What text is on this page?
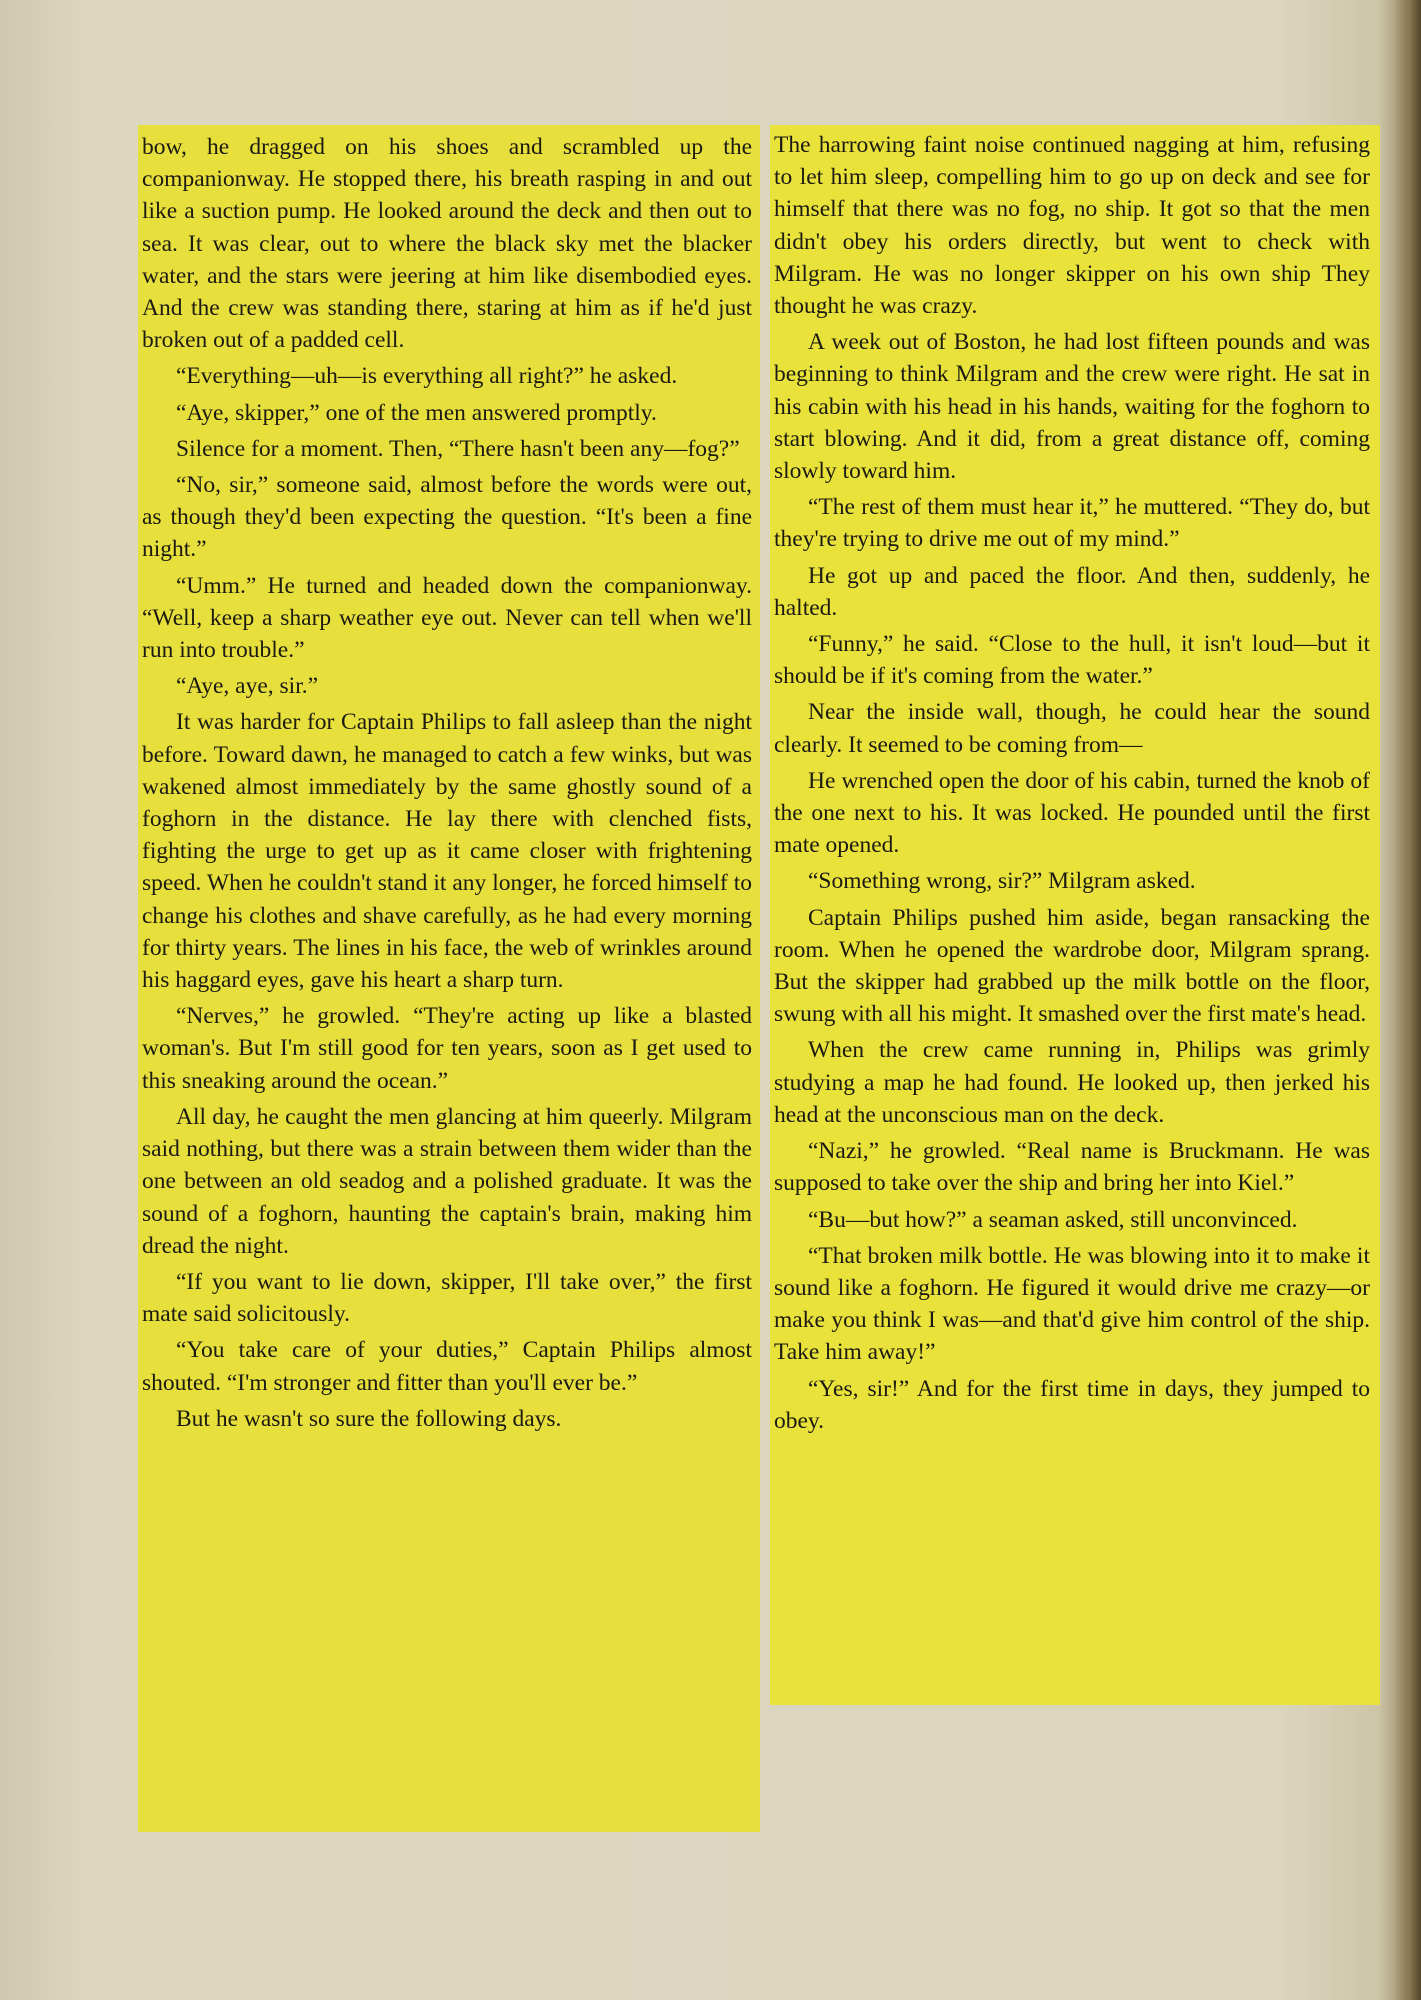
bow, he dragged on his shoes and scrambled up the companionway. He stopped there, his breath rasping in and out like a suction pump. He looked around the deck and then out to sea. It was clear, out to where the black sky met the blacker water, and the stars were jeering at him like disembodied eyes. And the crew was standing there, staring at him as if he'd just broken out of a padded cell.

“Everything—uh—is everything all right?” he asked.

“Aye, skipper,” one of the men answered promptly.

Silence for a moment. Then, “There hasn't been any—fog?”

“No, sir,” someone said, almost before the words were out, as though they'd been expecting the question. “It's been a fine night.”

“Umm.” He turned and headed down the companionway. “Well, keep a sharp weather eye out. Never can tell when we'll run into trouble.”

“Aye, aye, sir.”

It was harder for Captain Philips to fall asleep than the night before. Toward dawn, he managed to catch a few winks, but was wakened almost immediately by the same ghostly sound of a foghorn in the distance. He lay there with clenched fists, fighting the urge to get up as it came closer with frightening speed. When he couldn't stand it any longer, he forced himself to change his clothes and shave carefully, as he had every morning for thirty years. The lines in his face, the web of wrinkles around his haggard eyes, gave his heart a sharp turn.

“Nerves,” he growled. “They're acting up like a blasted woman's. But I'm still good for ten years, soon as I get used to this sneaking around the ocean.”

All day, he caught the men glancing at him queerly. Milgram said nothing, but there was a strain between them wider than the one between an old seadog and a polished graduate. It was the sound of a foghorn, haunting the captain's brain, making him dread the night.

“If you want to lie down, skipper, I'll take over,” the first mate said solicitously.

“You take care of your duties,” Captain Philips almost shouted. “I'm stronger and fitter than you'll ever be.”

But he wasn't so sure the following days.

The harrowing faint noise continued nagging at him, refusing to let him sleep, compelling him to go up on deck and see for himself that there was no fog, no ship. It got so that the men didn't obey his orders directly, but went to check with Milgram. He was no longer skipper on his own ship They thought he was crazy.

A week out of Boston, he had lost fifteen pounds and was beginning to think Milgram and the crew were right. He sat in his cabin with his head in his hands, waiting for the foghorn to start blowing. And it did, from a great distance off, coming slowly toward him.

“The rest of them must hear it,” he muttered. “They do, but they're trying to drive me out of my mind.”

He got up and paced the floor. And then, suddenly, he halted.

“Funny,” he said. “Close to the hull, it isn't loud—but it should be if it's coming from the water.”

Near the inside wall, though, he could hear the sound clearly. It seemed to be coming from—

He wrenched open the door of his cabin, turned the knob of the one next to his. It was locked. He pounded until the first mate opened.

“Something wrong, sir?” Milgram asked.

Captain Philips pushed him aside, began ransacking the room. When he opened the wardrobe door, Milgram sprang. But the skipper had grabbed up the milk bottle on the floor, swung with all his might. It smashed over the first mate's head.

When the crew came running in, Philips was grimly studying a map he had found. He looked up, then jerked his head at the unconscious man on the deck.

“Nazi,” he growled. “Real name is Bruckmann. He was supposed to take over the ship and bring her into Kiel.”

“Bu—but how?” a seaman asked, still unconvinced.

“That broken milk bottle. He was blowing into it to make it sound like a foghorn. He figured it would drive me crazy—or make you think I was—and that'd give him control of the ship. Take him away!”

“Yes, sir!” And for the first time in days, they jumped to obey.
